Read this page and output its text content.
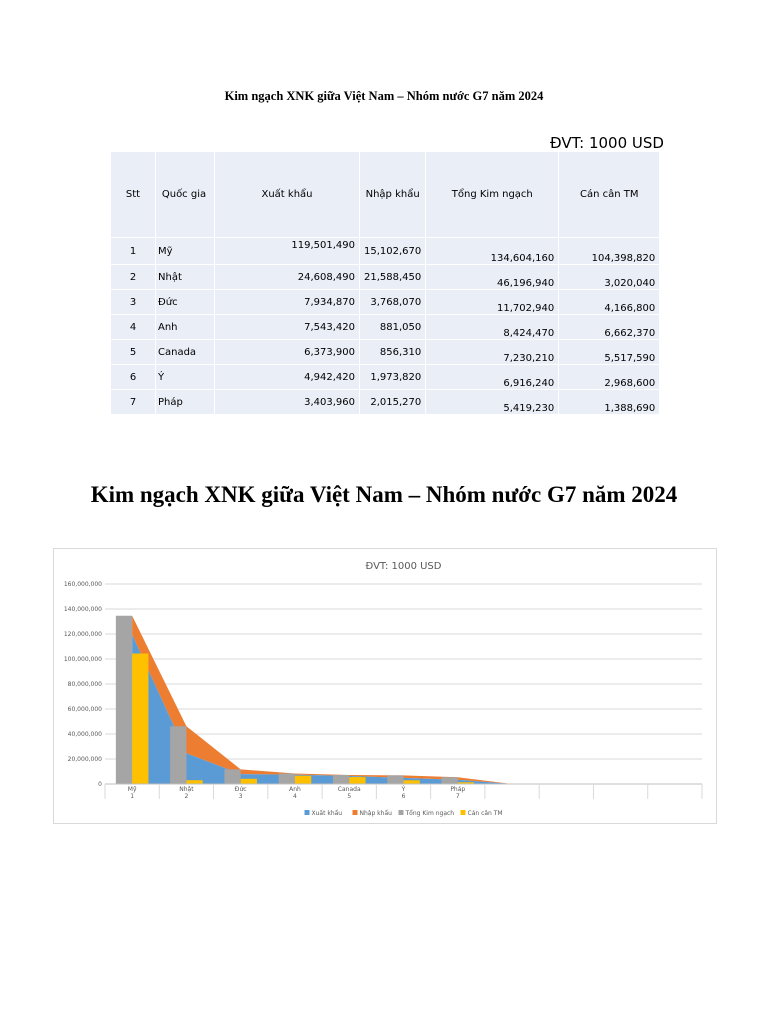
Kim ngạch XNK giữa Việt Nam – Nhóm nước G7 năm 2024
ĐVT: 1000 USD
Stt	Quốc gia	Xuất khẩu	Nhập khẩu	Tổng Kim ngạch	Cán cân TM
1	Mỹ	119,501,490	15,102,670	134,604,160	104,398,820
2	Nhật	24,608,490	21,588,450	46,196,940	3,020,040
3	Đức	7,934,870	3,768,070	11,702,940	4,166,800
4	Anh	7,543,420	881,050	8,424,470	6,662,370
5	Canada	6,373,900	856,310	7,230,210	5,517,590
6	Ý	4,942,420	1,973,820	6,916,240	2,968,600
7	Pháp	3,403,960	2,015,270	5,419,230	1,388,690
Kim ngạch XNK giữa Việt Nam – Nhóm nước G7 năm 2024
ĐVT: 1000 USD
0
20,000,000
40,000,000
60,000,000
80,000,000
100,000,000
120,000,000
140,000,000
160,000,000
Mỹ
1
Nhật
2
Đức
3
Anh
4
Canada
5
Ý
6
Pháp
7
Xuất khẩu	Nhập khẩu Tổng Kim ngạch Cán cân TM
